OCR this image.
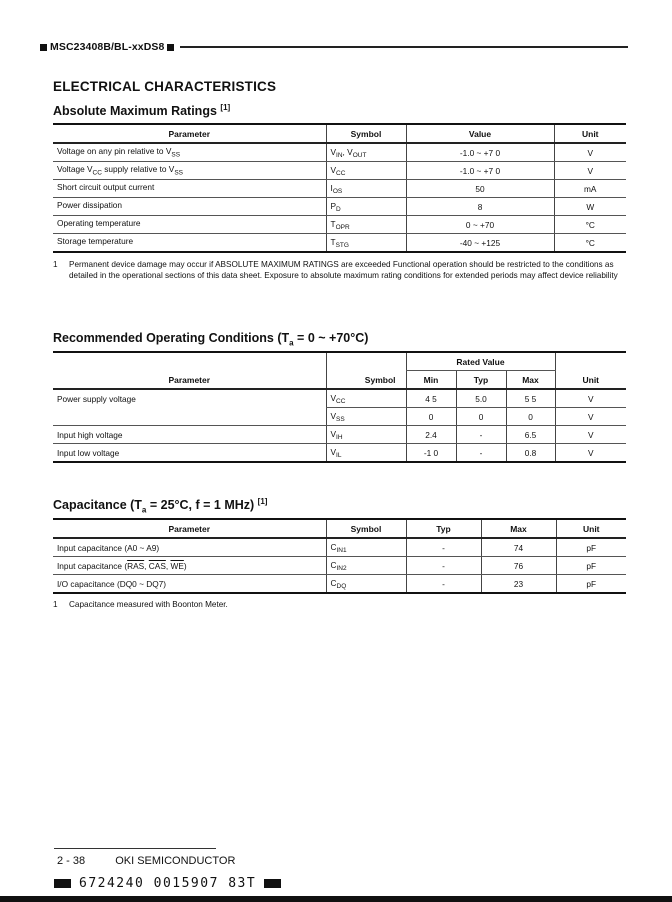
MSC23408B/BL-xxDS8
ELECTRICAL CHARACTERISTICS
Absolute Maximum Ratings [1]
Parameter	Symbol	Value	Unit
Voltage on any pin relative to $V_{SS}$	$V_{IN}$, $V_{OUT}$	-1.0 ~ +7 0	V
Voltage $V_{CC}$ supply relative to $V_{SS}$	$V_{CC}$	-1.0 ~ +7 0	V
Short circuit output current	$I_{OS}$	50	mA
Power dissipation	$P_D$	8	W
Operating temperature	$T_{OPR}$	0 ~ +70	°C
Storage temperature	$T_{STG}$	-40 ~ +125	°C
1	Permanent device damage may occur if ABSOLUTE MAXIMUM RATINGS are exceeded Functional operation should be restricted to the conditions as detailed in the operational sections of this data sheet. Exposure to absolute maximum rating conditions for extended periods may affect device reliability
Recommended Operating Conditions ($T_a = 0$ ~ +70°C)
Parameter	Symbol	Rated Value			Unit
		Min	Typ	Max	
Power supply voltage	$V_{CC}$	4 5	5.0	5 5	V
	$V_{SS}$	0	0	0	V
Input high voltage	$V_{IH}$	2.4	-	6.5	V
Input low voltage	$V_{IL}$	-1 0	-	0.8	V
Capacitance ($T_a = 25^\circ C$, f = 1 MHz) [1]
Parameter	Symbol	Typ	Max	Unit
Input capacitance (A0 ~ A9)	$C_{IN1}$	-	74	pF
Input capacitance ($\overline{RAS}$, $\overline{CAS}$, $\overline{WE}$)	$C_{IN2}$	-	76	pF
I/O capacitance (DQ0 ~ DQ7)	$C_{DQ}$	-	23	pF
1	Capacitance measured with Boonton Meter.
2 - 38	OKI SEMICONDUCTOR
6724240 0015907 83T
